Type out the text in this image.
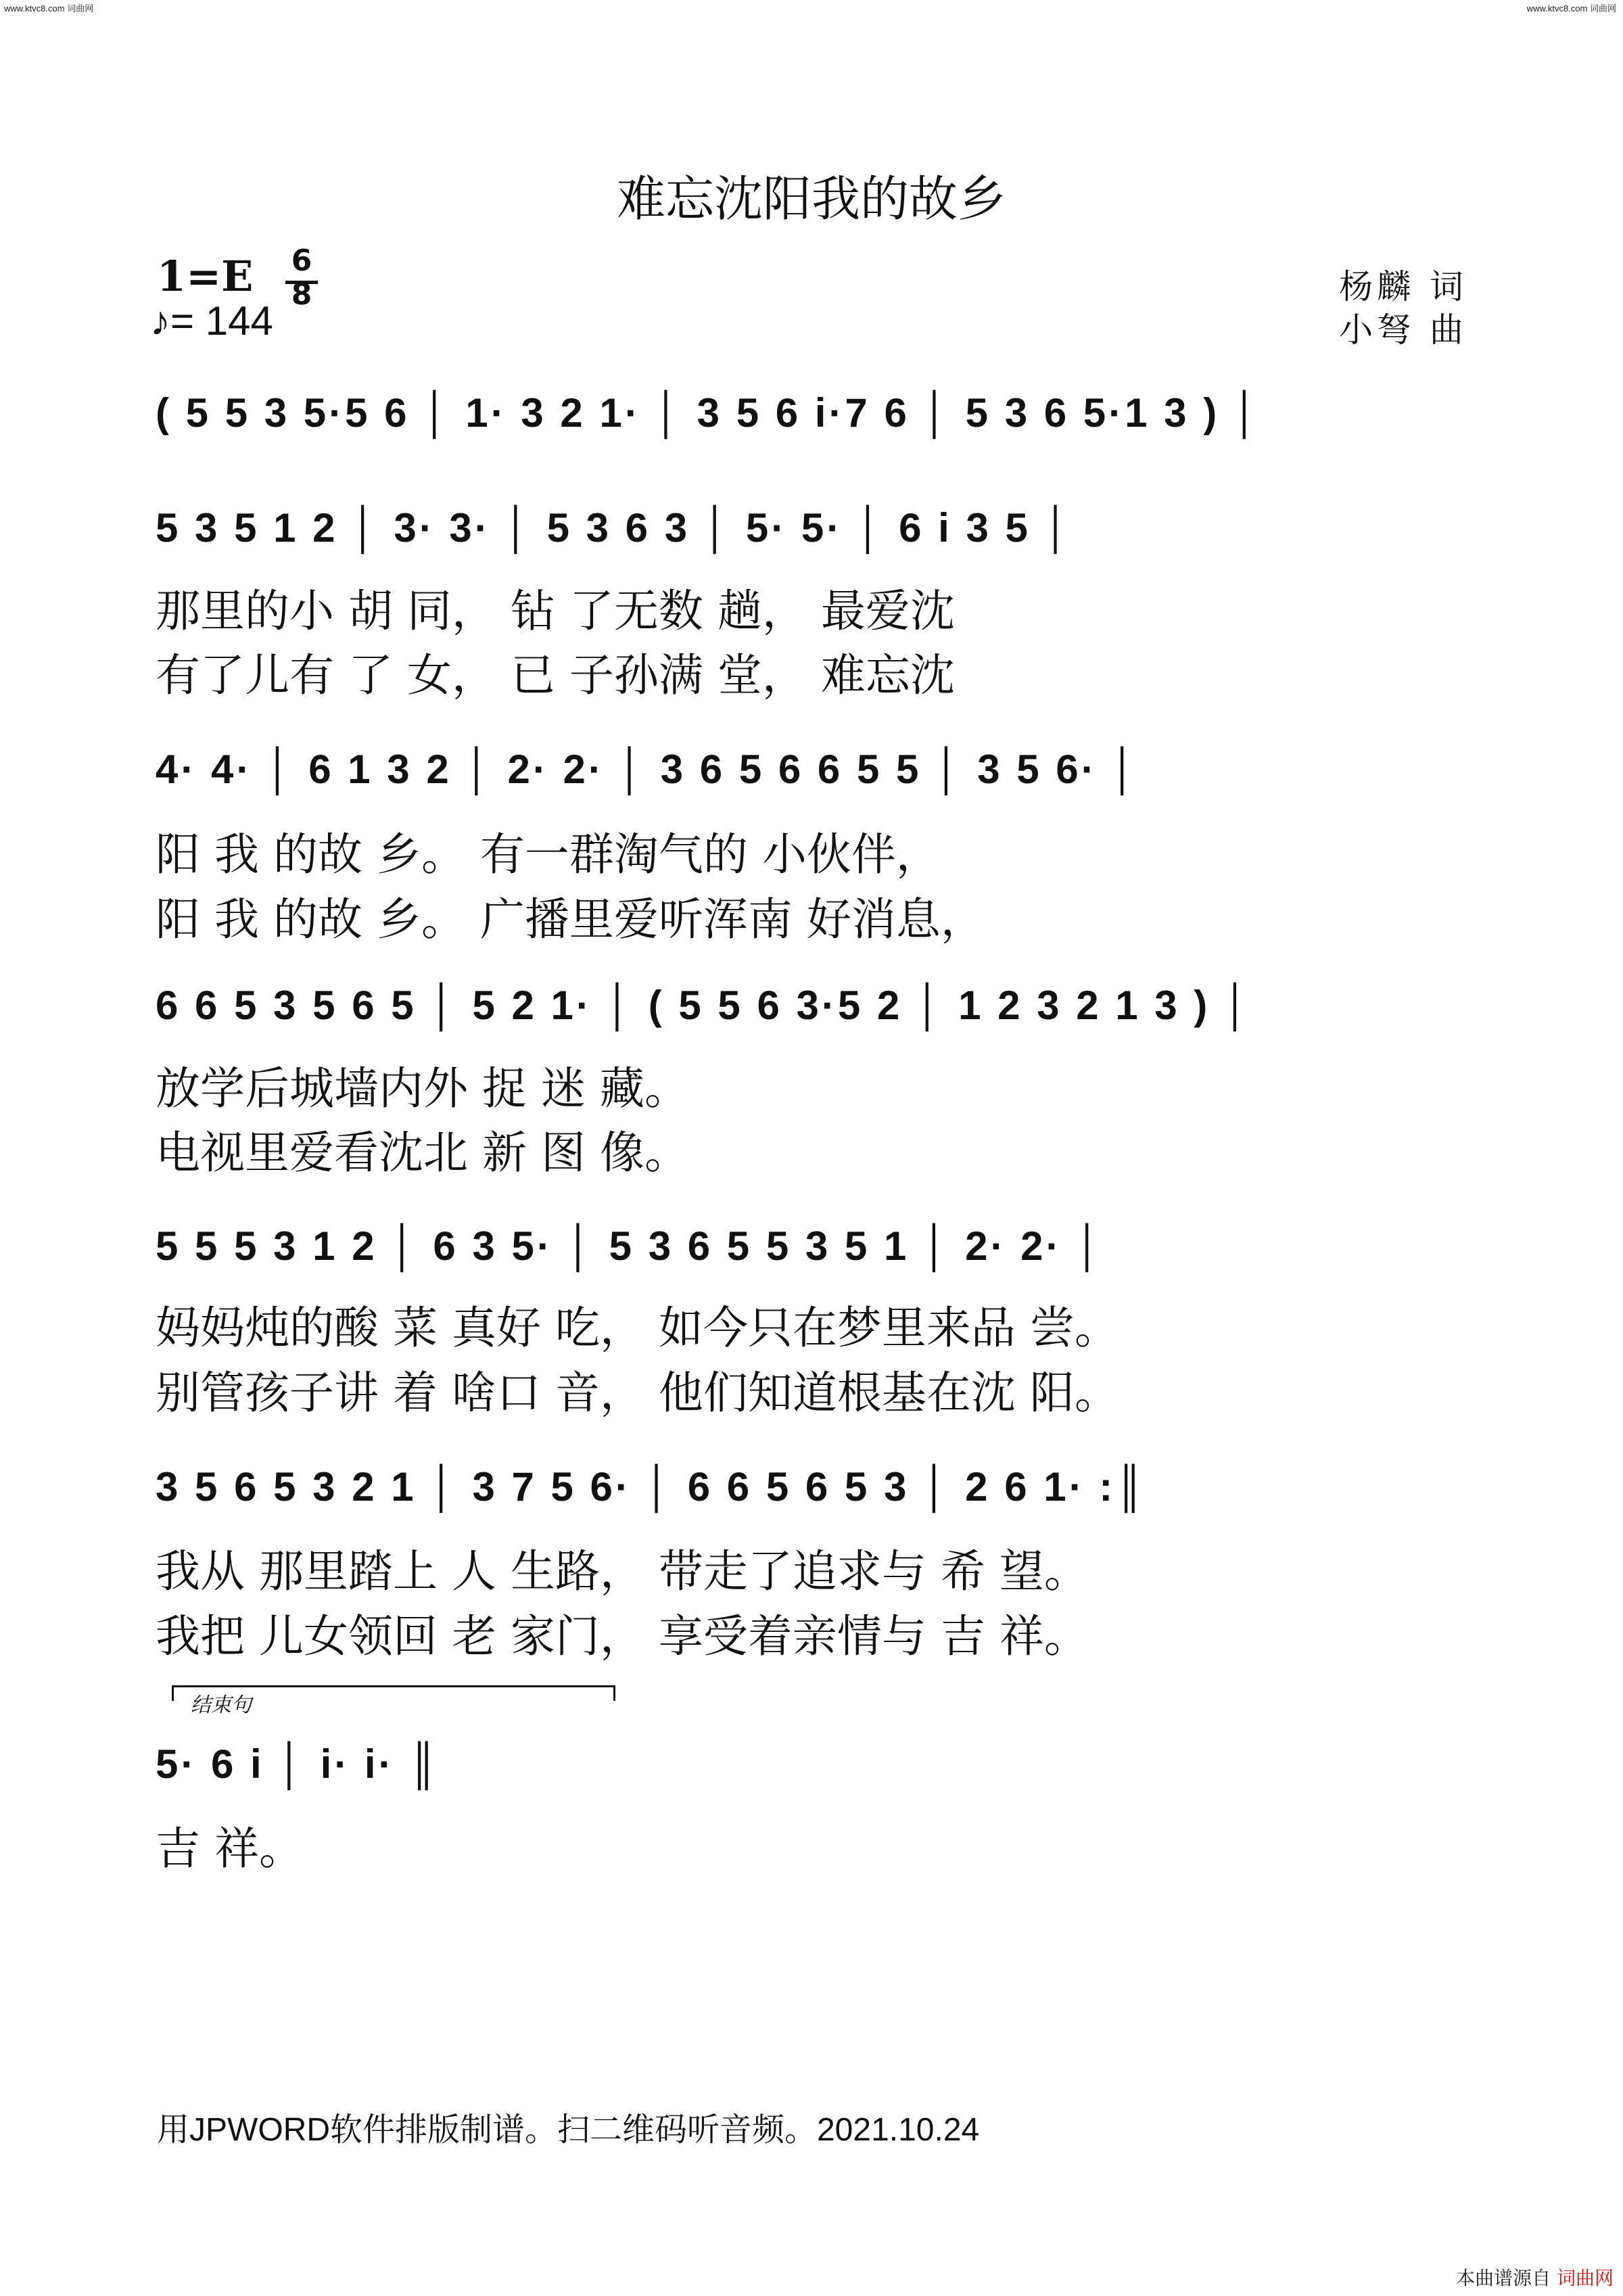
www.ktvc8.com 词曲网	www.ktvc8.com 词曲网
难忘沈阳我的故乡
1=E 6
8
♪= 144
杨麟 词
小弩 曲
( 5 5 3 5·5 6 │ 1· 3 2 1· │ 3 5 6 i·7 6 │ 5 3 6 5·1 3 ) │
5 3 5 1 2 │ 3· 3· │ 5 3 6 3 │ 5· 5· │ 6 i 3 5 │
那里的小 胡 同， 钻 了无数 趟， 最爱沈
有了儿有 了 女， 已 子孙满 堂， 难忘沈
4· 4· │ 6 1 3 2 │ 2· 2· │ 3 6 5 6 6 5 5 │ 3 5 6· │
阳 我 的故 乡。 有一群淘气的 小伙伴，
阳 我 的故 乡。 广播里爱听浑南 好消息，
6 6 5 3 5 6 5 │ 5 2 1· │ ( 5 5 6 3·5 2 │ 1 2 3 2 1 3 ) │
放学后城墙内外 捉 迷 藏。
电视里爱看沈北 新 图 像。
5 5 5 3 1 2 │ 6 3 5· │ 5 3 6 5 5 3 5 1 │ 2· 2· │
妈妈炖的酸 菜 真好 吃， 如今只在梦里来品 尝。
别管孩子讲 着 啥口 音， 他们知道根基在沈 阳。
3 5 6 5 3 2 1 │ 3 7 5 6· │ 6 6 5 6 5 3 │ 2 6 1· :║
我从 那里踏上 人 生路， 带走了追求与 希 望。
我把 儿女领回 老 家门， 享受着亲情与 吉 祥。
结束句
5· 6 i │ i· i· ║
吉 祥。
用JPWORD软件排版制谱。扫二维码听音频。2021.10.24
本曲谱源自 词曲网
